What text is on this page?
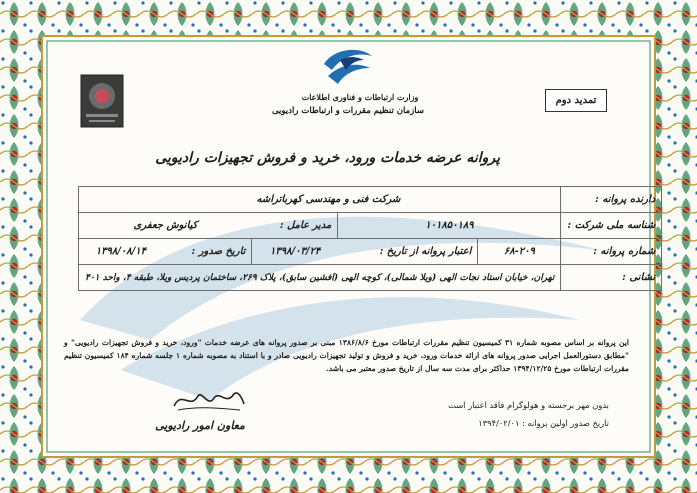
وزارت ارتباطات و فناوری اطلاعات
سازمان تنظیم مقررات و ارتباطات رادیویی
تمدید دوم
پروانه عرضه خدمات ورود، خرید و فروش تجهیزات رادیویی
دارنده پروانه :	شرکت فنی و مهندسی کهرباتراشه				
شناسه ملی شرکت :	۱۰۱۸۵۰۱۸۹		مدیر عامل :	کیانوش جعفری	
شماره پروانه :	۶۸-۲۰۹	اعتبار پروانه از تاریخ :	۱۳۹۸/۰۳/۲۴	تاریخ صدور :	۱۳۹۸/۰۸/۱۴
نشانی :	تهران، خیابان استاد نجات الهی (ویلا شمالی)، کوچه الهی (افشین سابق)، پلاک ۲۶۹، ساختمان پردیس ویلا، طبقه ۴، واحد ۴۰۱				
این پروانه بر اساس مصوبه شماره ۳۱ کمیسیون تنظیم مقررات ارتباطات مورخ ۱۳۸۶/۸/۶ مبنی بر صدور پروانه های عرضه خدمات "ورود، خرید و فروش تجهیزات رادیویی" و "مطابق دستورالعمل اجرایی صدور پروانه های ارائه خدمات ورود، خرید و فروش و تولید تجهیزات رادیویی صادر و با استناد به مصوبه شماره ۱ جلسه شماره ۱۸۴ کمیسیون تنظیم مقررات ارتباطات مورخ ۱۳۹۴/۱۲/۲۵ حداکثر برای مدت سه سال از تاریخ صدور معتبر می باشد.
بدون مهر برجسته و هولوگرام فاقد اعتبار است
تاریخ صدور اولین پروانه : ۱۳۹۴/۰۲/۰۱
معاون امور رادیویی
